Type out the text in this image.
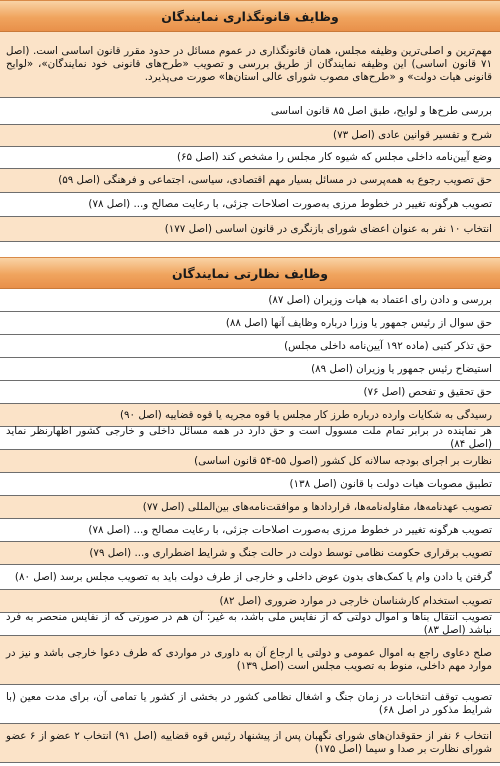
وظایف قانونگذاری نمایندگان
مهم‌ترین و اصلی‌ترین وظیفه مجلس، همان قانونگذاری در عموم مسائل در حدود مقرر قانون اساسی است. (اصل ۷۱ قانون اساسی) این وظیفه نمایندگان از طریق بررسی و تصویب «طرح‌های قانونی خود نمایندگان»، «لوایح قانونی هیات دولت» و «طرح‌های مصوب شورای عالی استان‌ها» صورت می‌پذیرد.
بررسی طرح‌ها و لوایح، طبق اصل ۸۵ قانون اساسی
شرح و تفسیر قوانین عادی (اصل ۷۳)
وضع آیین‌نامه داخلی مجلس که شیوه کار مجلس را مشخص کند (اصل ۶۵)
حق تصویب رجوع به همه‌پرسی در مسائل بسیار مهم اقتصادی، سیاسی، اجتماعی و فرهنگی (اصل ۵۹)
تصویب هرگونه تغییر در خطوط مرزی به‌صورت اصلاحات جزئی، با رعایت مصالح و... (اصل ۷۸)
انتخاب ۱۰ نفر به عنوان اعضای شورای بازنگری در قانون اساسی (اصل ۱۷۷)
وظایف نظارتی نمایندگان
بررسی و دادن رای اعتماد به هیات وزیران (اصل ۸۷)
حق سوال از رئیس جمهور یا وزرا درباره وظایف آنها (اصل ۸۸)
حق تذکر کتبی (ماده ۱۹۲ آیین‌نامه داخلی مجلس)
استیضاح رئیس جمهور یا وزیران (اصل ۸۹)
حق تحقیق و تفحص (اصل ۷۶)
رسیدگی به شکایات وارده درباره طرز کار مجلس یا قوه مجریه یا قوه قضاییه (اصل ۹۰)
هر نماینده در برابر تمام ملت مسوول است و حق دارد در همه مسائل داخلی و خارجی کشور اظهارنظر نماید (اصل ۸۴)
نظارت بر اجرای بودجه سالانه کل کشور (اصول ۵۵-۵۴ قانون اساسی)
تطبیق مصوبات هیات دولت با قانون (اصل ۱۳۸)
تصویب عهدنامه‌ها، مقاوله‌نامه‌ها، قراردادها و موافقت‌نامه‌های بین‌المللی (اصل ۷۷)
تصویب هرگونه تغییر در خطوط مرزی به‌صورت اصلاحات جزئی، با رعایت مصالح و... (اصل ۷۸)
تصویب برقراری حکومت نظامی توسط دولت در حالت جنگ و شرایط اضطراری و... (اصل ۷۹)
گرفتن یا دادن وام یا کمک‌های بدون عوض داخلی و خارجی از طرف دولت باید به تصویب مجلس برسد (اصل ۸۰)
تصویب استخدام کارشناسان خارجی در موارد ضروری (اصل ۸۲)
تصویب انتقال بناها و اموال دولتی که از نفایس ملی باشد، به غیر: آن هم در صورتی که از نفایس منحصر به فرد نباشد (اصل ۸۳)
صلح دعاوی راجع به اموال عمومی و دولتی یا ارجاع آن به داوری در مواردی که طرف دعوا خارجی باشد و نیز در موارد مهم داخلی، منوط به تصویب مجلس است (اصل ۱۳۹)
تصویب توقف انتخابات در زمان جنگ و اشغال نظامی کشور در بخشی از کشور یا تمامی آن، برای مدت معین (با شرایط مذکور در اصل ۶۸)
انتخاب ۶ نفر از حقوقدان‌های شورای نگهبان پس از پیشنهاد رئیس قوه قضاییه (اصل ۹۱) انتخاب ۲ عضو از ۶ عضو شورای نظارت بر صدا و سیما (اصل ۱۷۵)
